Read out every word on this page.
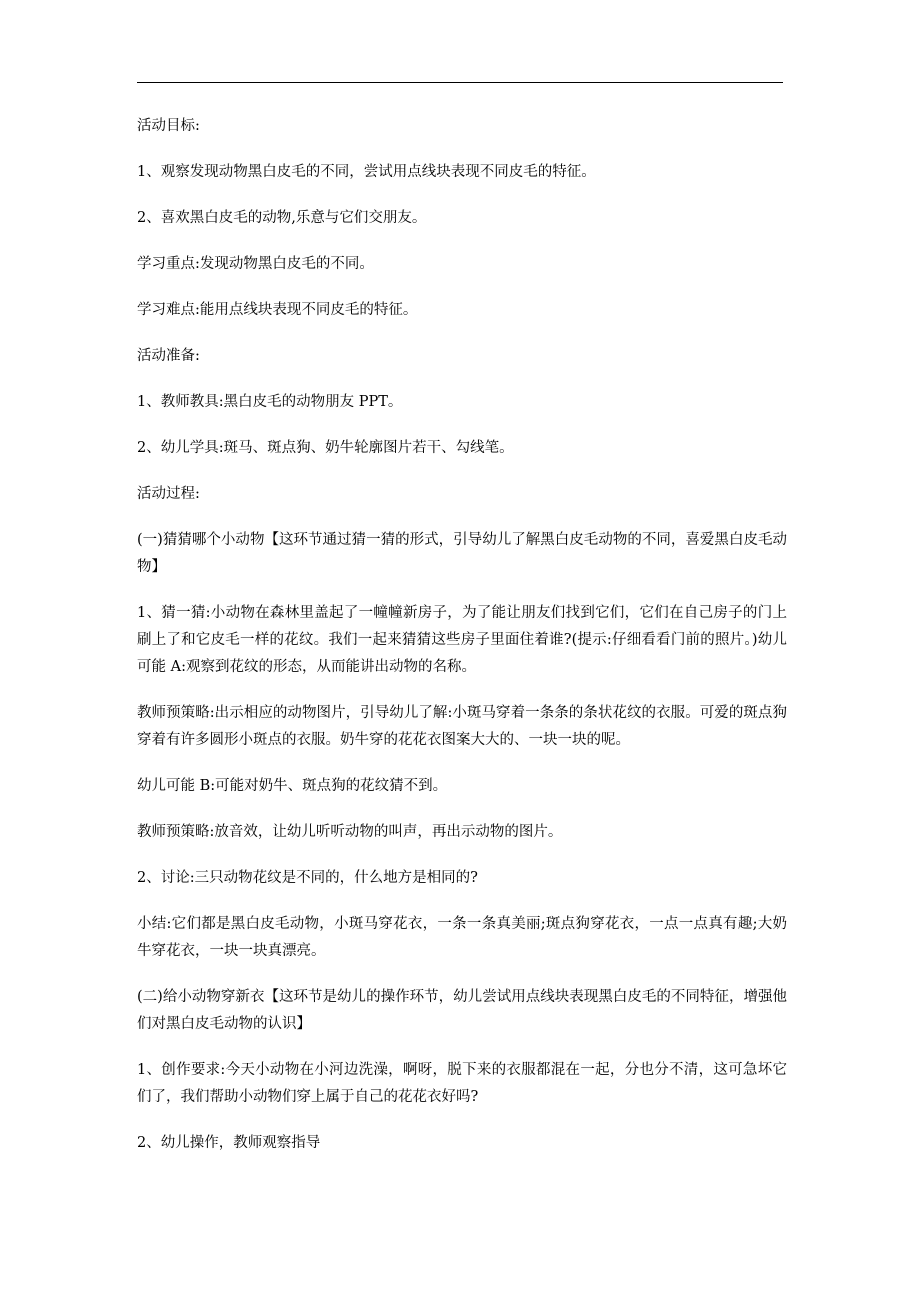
活动目标:

1、观察发现动物黑白皮毛的不同，尝试用点线块表现不同皮毛的特征。

2、喜欢黑白皮毛的动物,乐意与它们交朋友。

学习重点:发现动物黑白皮毛的不同。

学习难点:能用点线块表现不同皮毛的特征。

活动准备:

1、教师教具:黑白皮毛的动物朋友 PPT。

2、幼儿学具:斑马、斑点狗、奶牛轮廓图片若干、勾线笔。

活动过程:

(一)猜猜哪个小动物【这环节通过猜一猜的形式，引导幼儿了解黑白皮毛动物的不同，喜爱黑白皮毛动物】

1、猜一猜:小动物在森林里盖起了一幢幢新房子，为了能让朋友们找到它们，它们在自己房子的门上刷上了和它皮毛一样的花纹。我们一起来猜猜这些房子里面住着谁?(提示:仔细看看门前的照片。)幼儿可能 A:观察到花纹的形态，从而能讲出动物的名称。

教师预策略:出示相应的动物图片，引导幼儿了解:小斑马穿着一条条的条状花纹的衣服。可爱的斑点狗穿着有许多圆形小斑点的衣服。奶牛穿的花花衣图案大大的、一块一块的呢。

幼儿可能 B:可能对奶牛、斑点狗的花纹猜不到。

教师预策略:放音效，让幼儿听听动物的叫声，再出示动物的图片。

2、讨论:三只动物花纹是不同的，什么地方是相同的?

小结:它们都是黑白皮毛动物，小斑马穿花衣，一条一条真美丽;斑点狗穿花衣，一点一点真有趣;大奶牛穿花衣，一块一块真漂亮。

(二)给小动物穿新衣【这环节是幼儿的操作环节，幼儿尝试用点线块表现黑白皮毛的不同特征，增强他们对黑白皮毛动物的认识】

1、创作要求:今天小动物在小河边洗澡，啊呀，脱下来的衣服都混在一起，分也分不清，这可急坏它们了，我们帮助小动物们穿上属于自己的花花衣好吗?

2、幼儿操作，教师观察指导
